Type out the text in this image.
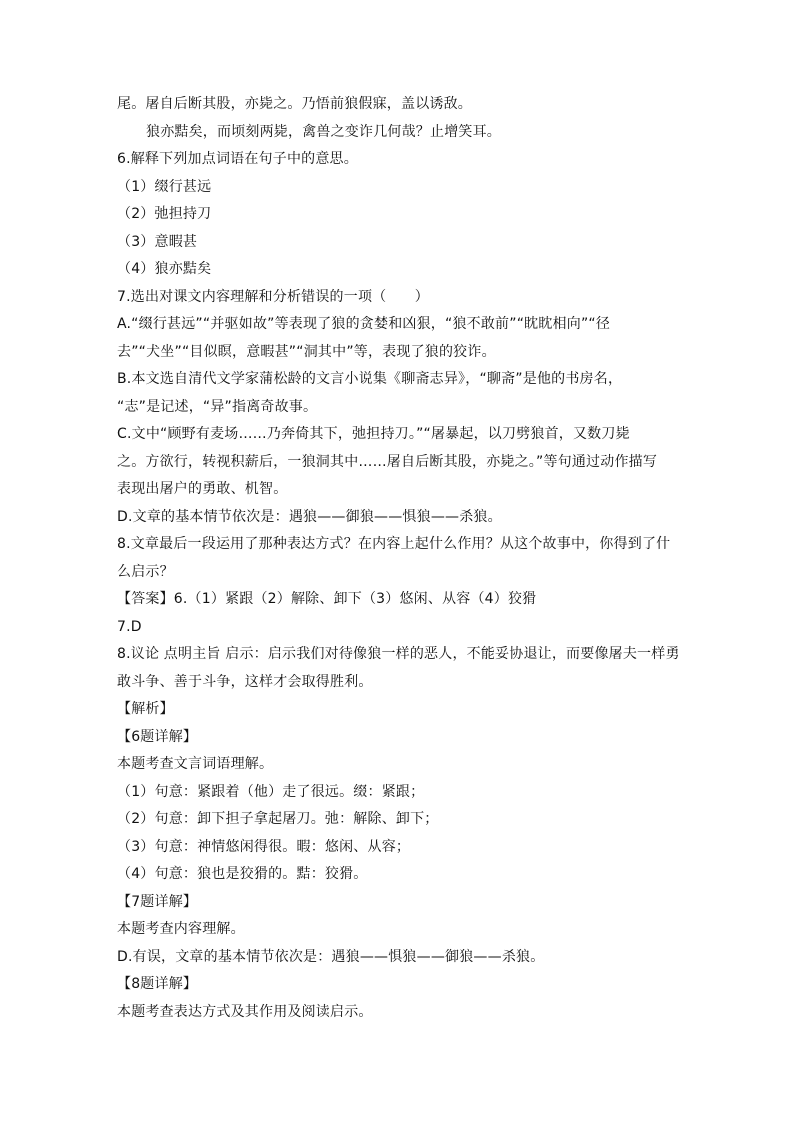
尾。屠自后断其股，亦毙之。乃悟前狼假寐，盖以诱敌。
狼亦黠矣，而顷刻两毙，禽兽之变诈几何哉？止增笑耳。
6.解释下列加点词语在句子中的意思。
（1）缀行甚远
（2）弛担持刀
（3）意暇甚
（4）狼亦黠矣
7.选出对课文内容理解和分析错误的一项（　　）
A.“缀行甚远”“并驱如故”等表现了狼的贪婪和凶狠，“狼不敢前”“眈眈相向”“径
去”“犬坐”“目似瞑，意暇甚”“洞其中”等，表现了狼的狡诈。
B.本文选自清代文学家蒲松龄的文言小说集《聊斋志异》，“聊斋”是他的书房名，
“志”是记述，“异”指离奇故事。
C.文中“顾野有麦场……乃奔倚其下，弛担持刀。”“屠暴起，以刀劈狼首，又数刀毙
之。方欲行，转视积薪后，一狼洞其中……屠自后断其股，亦毙之。”等句通过动作描写
表现出屠户的勇敢、机智。
D.文章的基本情节依次是：遇狼——御狼——惧狼——杀狼。
8.文章最后一段运用了那种表达方式？在内容上起什么作用？从这个故事中，你得到了什
么启示？
【答案】6.（1）紧跟（2）解除、卸下（3）悠闲、从容（4）狡猾
7.D
8.议论 点明主旨 启示：启示我们对待像狼一样的恶人，不能妥协退让，而要像屠夫一样勇
敢斗争、善于斗争，这样才会取得胜利。
【解析】
【6题详解】
本题考查文言词语理解。
（1）句意：紧跟着（他）走了很远。缀：紧跟；
（2）句意：卸下担子拿起屠刀。弛：解除、卸下；
（3）句意：神情悠闲得很。暇：悠闲、从容；
（4）句意：狼也是狡猾的。黠：狡猾。
【7题详解】
本题考查内容理解。
D.有误，文章的基本情节依次是：遇狼——惧狼——御狼——杀狼。
【8题详解】
本题考查表达方式及其作用及阅读启示。
